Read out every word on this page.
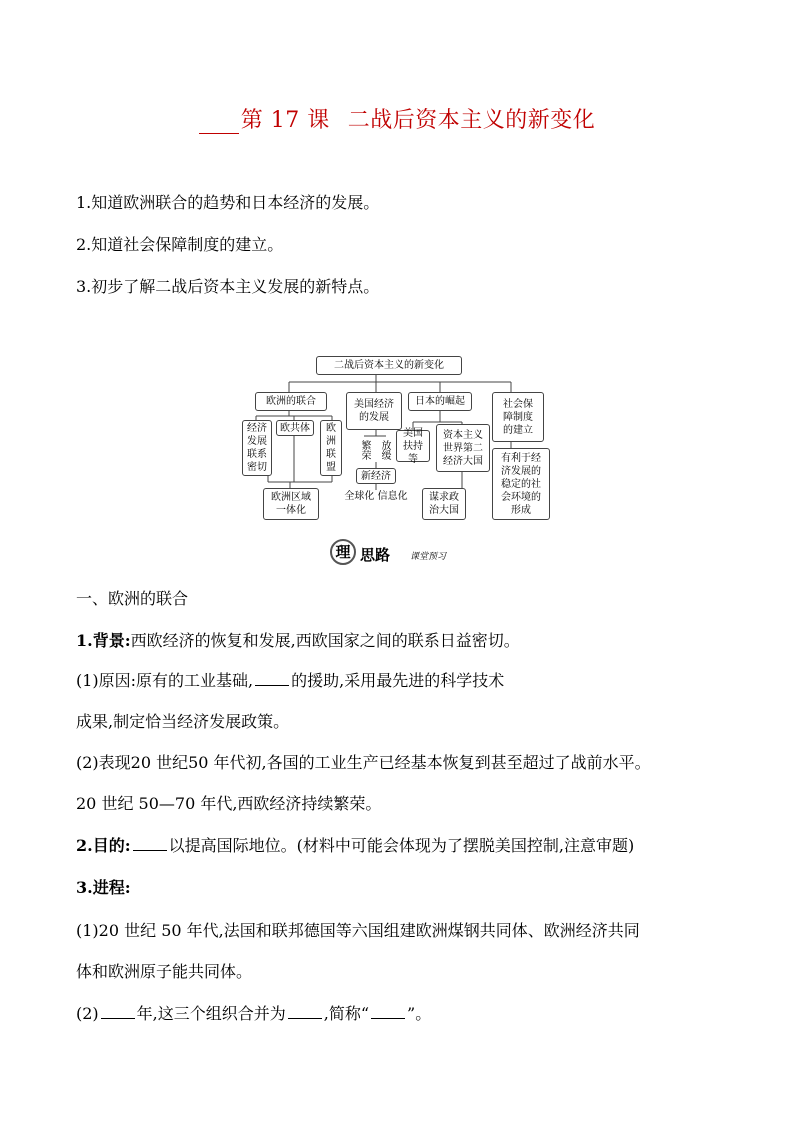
第 17 课 二战后资本主义的新变化
1.知道欧洲联合的趋势和日本经济的发展。
2.知道社会保障制度的建立。
3.初步了解二战后资本主义发展的新特点。
二战后资本主义的新变化
欧洲的联合
经济发展联系密切
欧共体	欧洲联盟
欧洲区域一体化
美国经济的发展
繁荣 放缓
新经济
全球化 信息化
日本的崛起
美国扶持等
资本主义世界第二经济大国
谋求政治大国
社会保障制度的建立
有利于经济发展的稳定的社会环境的形成
理 思路 课堂预习
一、欧洲的联合
1.背景:西欧经济的恢复和发展,西欧国家之间的联系日益密切。
(1)原因:原有的工业基础, 的援助,采用最先进的科学技术
成果,制定恰当经济发展政策。
(2)表现20 世纪50 年代初,各国的工业生产已经基本恢复到甚至超过了战前水平。
20 世纪 50—70 年代,西欧经济持续繁荣。
2.目的: 以提高国际地位。(材料中可能会体现为了摆脱美国控制,注意审题)
3.进程:
(1)20 世纪 50 年代,法国和联邦德国等六国组建欧洲煤钢共同体、欧洲经济共同
体和欧洲原子能共同体。
(2) 年,这三个组织合并为 ,简称“ ”。
